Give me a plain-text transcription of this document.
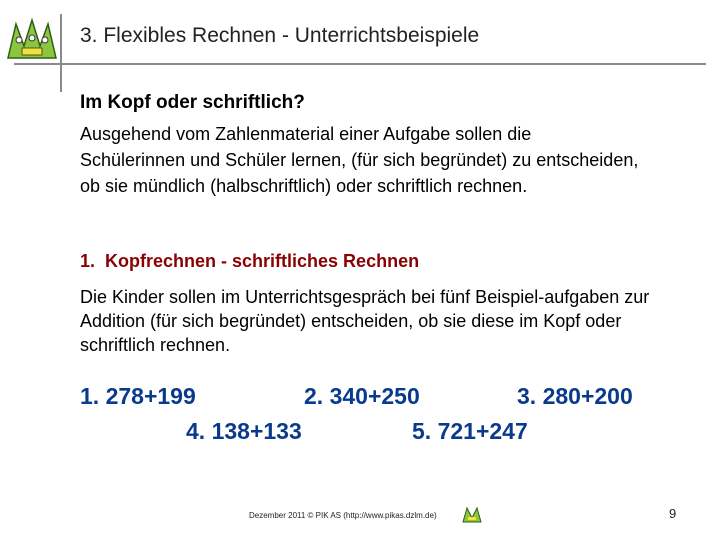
3. Flexibles Rechnen - Unterrichtsbeispiele
Im Kopf oder schriftlich?
Ausgehend vom Zahlenmaterial einer Aufgabe sollen die Schülerinnen und Schüler lernen, (für sich begründet) zu entscheiden, ob sie mündlich (halbschriftlich) oder schriftlich rechnen.
1. Kopfrechnen - schriftliches Rechnen
Die Kinder sollen im Unterrichtsgespräch bei fünf Beispiel-aufgaben zur Addition (für sich begründet) entscheiden, ob sie diese im Kopf oder schriftlich rechnen.
1. 278+199	2. 340+250	3. 280+200
4. 138+133	5. 721+247
Dezember 2011 © PIK AS (http://www.pikas.dzlm.de)	9
